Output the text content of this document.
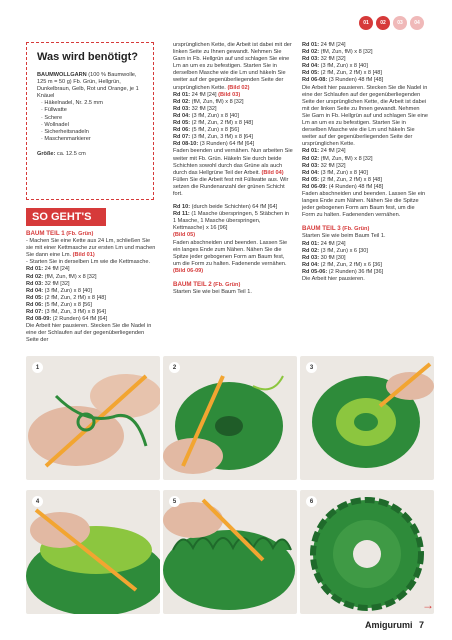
01	02	03	04
Was wird benötigt?

BAUMWOLLGARN (100 % Baumwolle, 125 m = 50 g) Fb. Grün, Hellgrün, Dunkelbraun, Gelb, Rot und Orange, je 1 Knäuel

· Häkelnadel, Nr. 2.5 mm
· Füllwatte
· Schere
· Wollnadel
· Sicherheitsnadeln
· Maschenmarkierer

Größe: ca. 12.5 cm

SO GEHT'S

BAUM TEIL 1 (Fb. Grün)

- Machen Sie eine Kette aus 24 Lm, schließen Sie sie mit einer Kettmasche zur ersten Lm und machen Sie dann eine Lm. (Bild 01)

- Starten Sie in derselben Lm wie die Kettmasche.

Rd 01: 24 fM [24]

Rd 02: (fM, Zun, fM) x 8 [32]

Rd 03: 32 fM [32]

Rd 04: (3 fM, Zun) x 8 [40]

Rd 05: (2 fM, Zun, 2 fM) x 8 [48]

Rd 06: (5 fM, Zun) x 8 [56]

Rd 07: (3 fM, Zun, 3 fM) x 8 [64]

Rd 08-09: (2 Runden) 64 fM [64]

Die Arbeit hier pausieren. Stecken Sie die Nadel in eine der Schlaufen auf der gegenüberliegenden Seite der

ursprünglichen Kette, die Arbeit ist dabei mit der linken Seite zu Ihnen gewandt. Nehmen Sie Garn in Fb. Hellgrün auf und schlagen Sie eine Lm an um es zu befestigen. Starten Sie in derselben Masche wie die Lm und häkeln Sie weiter auf der gegenüberliegenden Seite der ursprünglichen Kette. (Bild 02)

Rd 01: 24 fM [24] (Bild 03)

Rd 02: (fM, Zun, fM) x 8 [32]

Rd 03: 32 fM [32]

Rd 04: (3 fM, Zun) x 8 [40]

Rd 05: (2 fM, Zun, 2 fM) x 8 [48]

Rd 06: (5 fM, Zun) x 8 [56]

Rd 07: (3 fM, Zun, 3 fM) x 8 [64]

Rd 08-10: (3 Runden) 64 fM [64]

Faden beenden und vernähen. Nun arbeiten Sie weiter mit Fb. Grün. Häkeln Sie durch beide Schichten sowohl durch das Grüne als auch durch das Hellgrüne Teil der Arbeit. (Bild 04) Füllen Sie die Arbeit fest mit Füllwatte aus. Wir setzen die Rundenanzahl der grünen Schicht fort.

Rd 10: (durch beide Schichten) 64 fM [64]

Rd 11: (1 Masche überspringen, 5 Stäbchen in 1 Masche, 1 Masche überspringen, Kettmasche) x 16 [96]

(Bild 05)

Faden abschneiden und beenden. Lassen Sie ein langes Ende zum Nähen. Nähen Sie die Spitze jeder gebogenen Form am Baum fest, um die Form zu halten. Fadenende vernähen. (Bild 06-09)

BAUM TEIL 2 (Fb. Grün)

Starten Sie wie bei Baum Teil 1.

Rd 01: 24 fM [24]

Rd 02: (fM, Zun, fM) x 8 [32]

Rd 03: 32 fM [32]

Rd 04: (3 fM, Zun) x 8 [40]

Rd 05: (2 fM, Zun, 2 fM) x 8 [48]

Rd 06-08: (3 Runden) 48 fM [48]

Die Arbeit hier pausieren. Stecken Sie die Nadel in eine der Schlaufen auf der gegenüberliegenden Seite der ursprünglichen Kette, die Arbeit ist dabei mit der linken Seite zu Ihnen gewandt. Nehmen Sie Garn in Fb. Hellgrün auf und schlagen Sie eine Lm an um es zu befestigen. Starten Sie in derselben Masche wie die Lm und häkeln Sie weiter auf der gegenüberliegenden Seite der ursprünglichen Kette.

Rd 01: 24 fM [24]

Rd 02: (fM, Zun, fM) x 8 [32]

Rd 03: 32 fM [32]

Rd 04: (3 fM, Zun) x 8 [40]

Rd 05: (2 fM, Zun, 2 fM) x 8 [48]

Rd 06-09: (4 Runden) 48 fM [48]

Faden abschneiden und beenden. Lassen Sie ein langes Ende zum Nähen. Nähen Sie die Spitze jeder gebogenen Form am Baum fest, um die Form zu halten. Fadenenden vernähen.

BAUM TEIL 3 (Fb. Grün)

Starten Sie wie beim Baum Teil 1.

Rd 01: 24 fM [24]

Rd 02: (3 fM, Zun) x 6 [30]

Rd 03: 30 fM [30]

Rd 04: (2 fM, Zun, 2 fM) x 6 [36]

Rd 05-06: (2 Runden) 36 fM [36]

Die Arbeit hier pausieren.

1	2	3
4	5	6
→
Amigurumi 7
